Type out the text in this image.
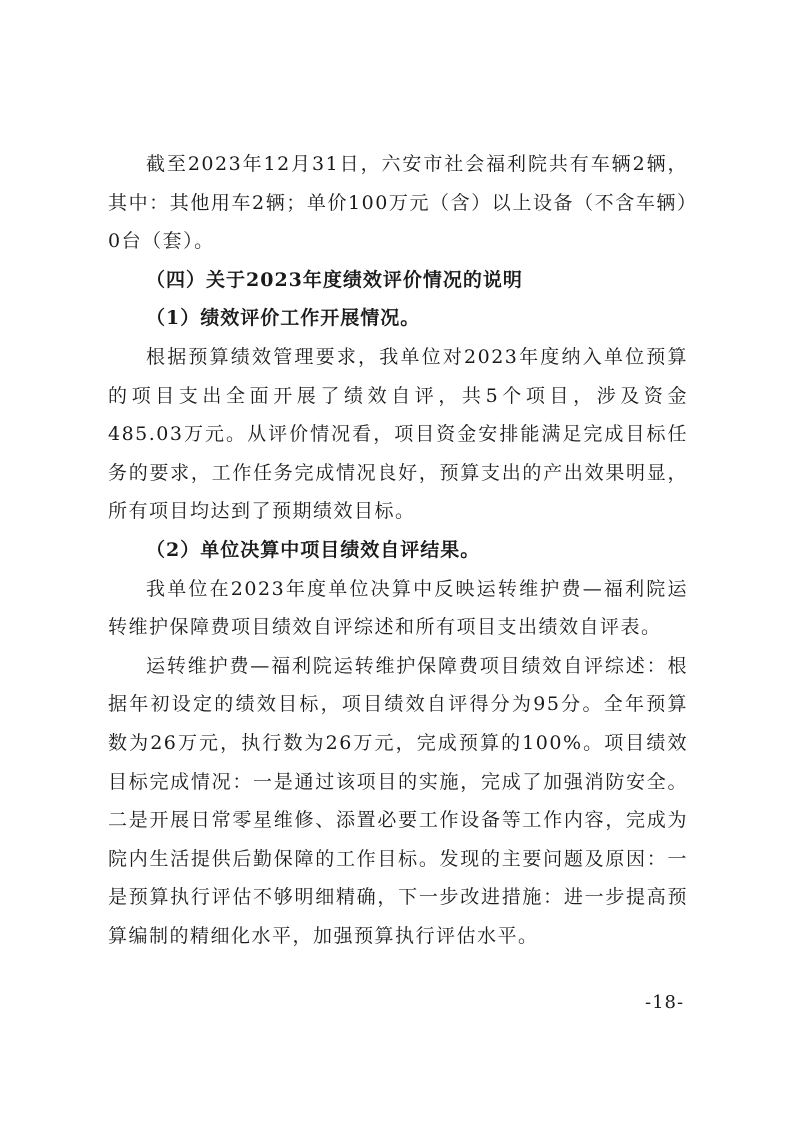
截至2023年12月31日，六安市社会福利院共有车辆2辆，其中：其他用车2辆；单价100万元（含）以上设备（不含车辆）0台（套）。

（四）关于2023年度绩效评价情况的说明

（1）绩效评价工作开展情况。

根据预算绩效管理要求，我单位对2023年度纳入单位预算的项目支出全面开展了绩效自评，共5个项目，涉及资金485.03万元。从评价情况看，项目资金安排能满足完成目标任务的要求，工作任务完成情况良好，预算支出的产出效果明显，所有项目均达到了预期绩效目标。

（2）单位决算中项目绩效自评结果。

我单位在2023年度单位决算中反映运转维护费—福利院运转维护保障费项目绩效自评综述和所有项目支出绩效自评表。

运转维护费—福利院运转维护保障费项目绩效自评综述：根据年初设定的绩效目标，项目绩效自评得分为95分。全年预算数为26万元，执行数为26万元，完成预算的100%。项目绩效目标完成情况：一是通过该项目的实施，完成了加强消防安全。二是开展日常零星维修、添置必要工作设备等工作内容，完成为院内生活提供后勤保障的工作目标。发现的主要问题及原因：一是预算执行评估不够明细精确，下一步改进措施：进一步提高预算编制的精细化水平，加强预算执行评估水平。

-18-
